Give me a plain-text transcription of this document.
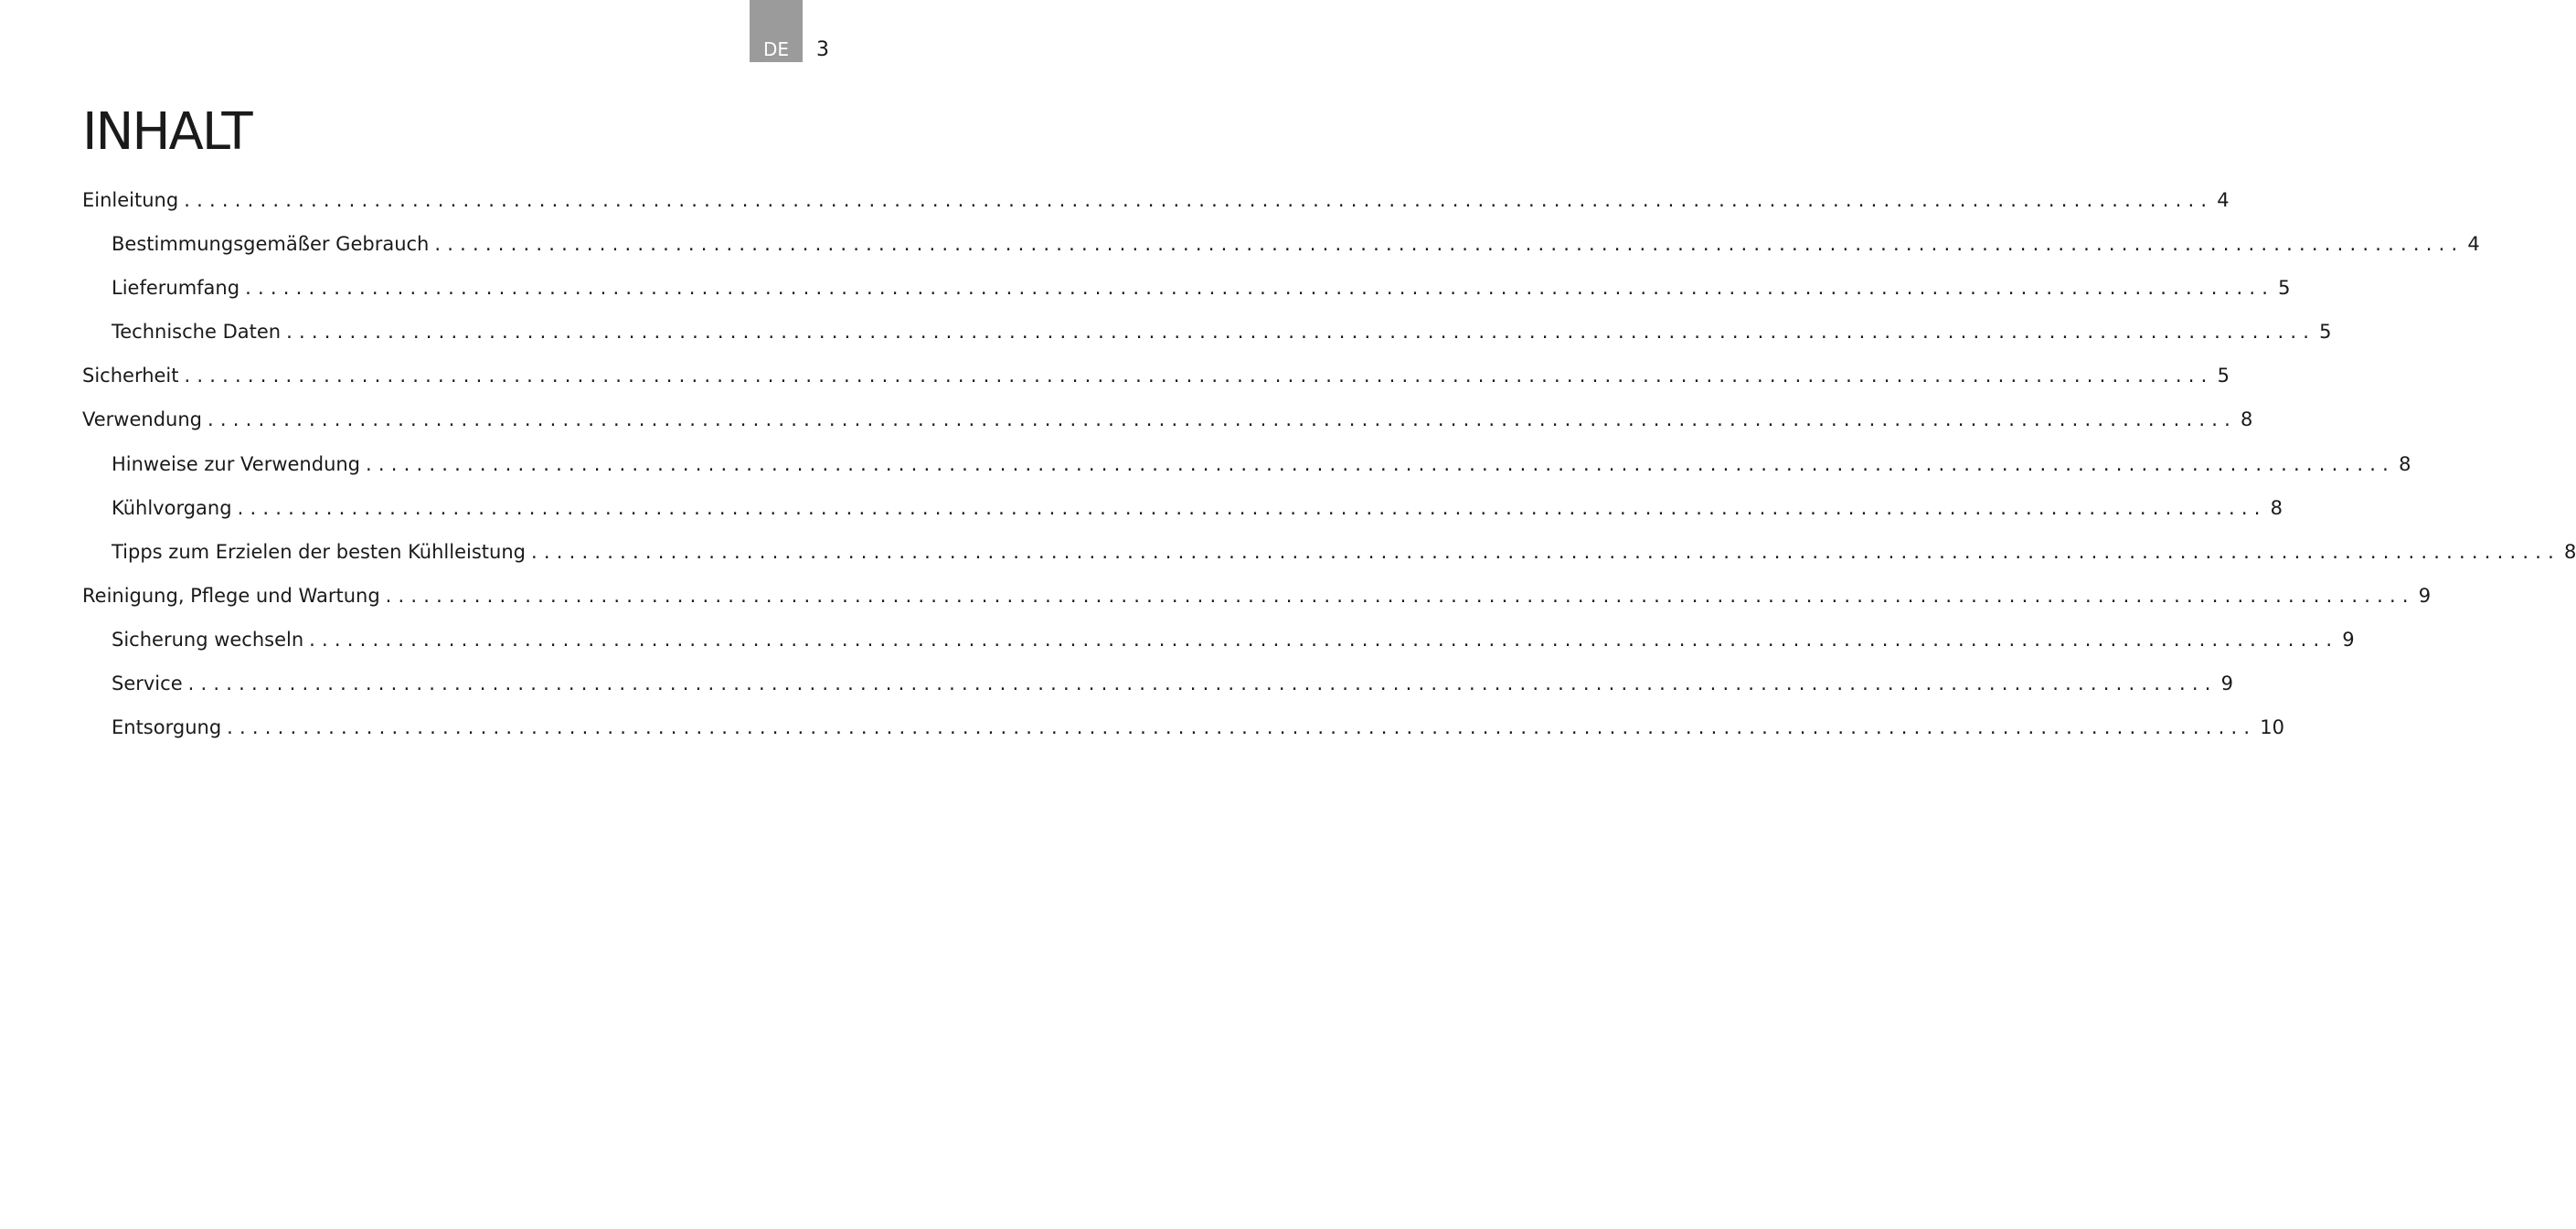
DE	3
INHALT
Einleitung ................................................................................................................................................................ 4
Bestimmungsgemäßer Gebrauch ................................................................................................................................................................ 4
Lieferumfang ................................................................................................................................................................ 5
Technische Daten ................................................................................................................................................................ 5
Sicherheit ................................................................................................................................................................ 5
Verwendung ................................................................................................................................................................ 8
Hinweise zur Verwendung ................................................................................................................................................................ 8
Kühlvorgang ................................................................................................................................................................ 8
Tipps zum Erzielen der besten Kühlleistung ................................................................................................................................................................ 8
Reinigung, Pflege und Wartung ................................................................................................................................................................ 9
Sicherung wechseln ................................................................................................................................................................ 9
Service ................................................................................................................................................................ 9
Entsorgung ................................................................................................................................................................ 10
